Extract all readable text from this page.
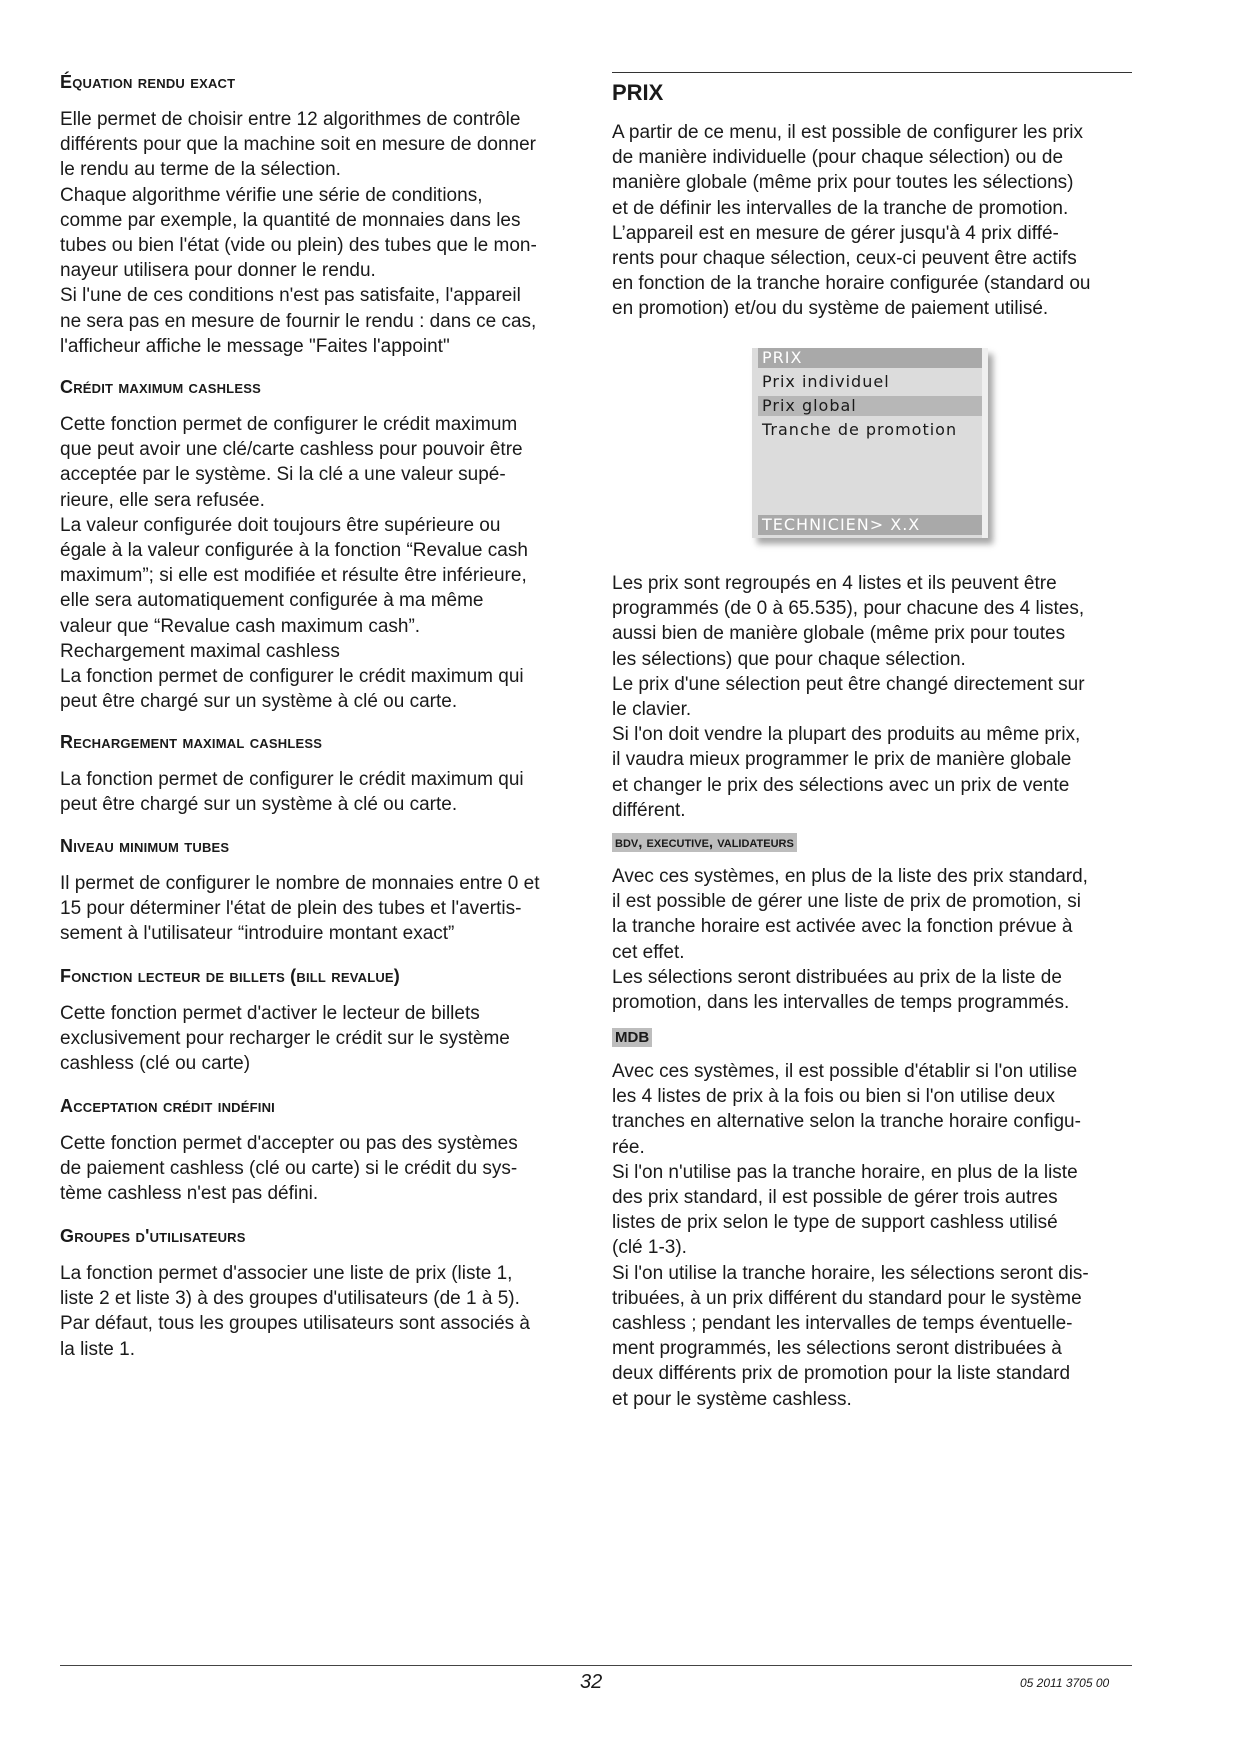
Équation rendu exact
Elle permet de choisir entre 12 algorithmes de contrôle
différents pour que la machine soit en mesure de donner
le rendu au terme de la sélection.
Chaque algorithme vérifie une série de conditions,
comme par exemple, la quantité de monnaies dans les
tubes ou bien l'état (vide ou plein) des tubes que le mon-
nayeur utilisera pour donner le rendu.
Si l'une de ces conditions n'est pas satisfaite, l'appareil
ne sera pas en mesure de fournir le rendu : dans ce cas,
l'afficheur affiche le message "Faites l'appoint"
Crédit maximum cashless
Cette fonction permet de configurer le crédit maximum
que peut avoir une clé/carte cashless pour pouvoir être
acceptée par le système. Si la clé a une valeur supé-
rieure, elle sera refusée.
La valeur configurée doit toujours être supérieure ou
égale à la valeur configurée à la fonction “Revalue cash
maximum”; si elle est modifiée et résulte être inférieure,
elle sera automatiquement configurée à ma même
valeur que “Revalue cash maximum cash”.
Rechargement maximal cashless
La fonction permet de configurer le crédit maximum qui
peut être chargé sur un système à clé ou carte.
Rechargement maximal cashless
La fonction permet de configurer le crédit maximum qui
peut être chargé sur un système à clé ou carte.
Niveau minimum tubes
Il permet de configurer le nombre de monnaies entre 0 et
15 pour déterminer l'état de plein des tubes et l'avertis-
sement à l'utilisateur “introduire montant exact”
Fonction lecteur de billets (bill revalue)
Cette fonction permet d'activer le lecteur de billets
exclusivement pour recharger le crédit sur le système
cashless (clé ou carte)
Acceptation crédit indéfini
Cette fonction permet d'accepter ou pas des systèmes
de paiement cashless (clé ou carte) si le crédit du sys-
tème cashless n'est pas défini.
Groupes d'utilisateurs
La fonction permet d'associer une liste de prix (liste 1,
liste 2 et liste 3) à des groupes d'utilisateurs (de 1 à 5).
Par défaut, tous les groupes utilisateurs sont associés à
la liste 1.
PRIX
A partir de ce menu, il est possible de configurer les prix
de manière individuelle (pour chaque sélection) ou de
manière globale (même prix pour toutes les sélections)
et de définir les intervalles de la tranche de promotion.
L’appareil est en mesure de gérer jusqu'à 4 prix diffé-
rents pour chaque sélection, ceux-ci peuvent être actifs
en fonction de la tranche horaire configurée (standard ou
en promotion) et/ou du système de paiement utilisé.
PRIX
Prix individuel
Prix global
Tranche de promotion
TECHNICIEN> X.X
Les prix sont regroupés en 4 listes et ils peuvent être
programmés (de 0 à 65.535), pour chacune des 4 listes,
aussi bien de manière globale (même prix pour toutes
les sélections) que pour chaque sélection.
Le prix d'une sélection peut être changé directement sur
le clavier.
Si l'on doit vendre la plupart des produits au même prix,
il vaudra mieux programmer le prix de manière globale
et changer le prix des sélections avec un prix de vente
différent.
bdv, executive, validateurs
Avec ces systèmes, en plus de la liste des prix standard,
il est possible de gérer une liste de prix de promotion, si
la tranche horaire est activée avec la fonction prévue à
cet effet.
Les sélections seront distribuées au prix de la liste de
promotion, dans les intervalles de temps programmés.
MDB
Avec ces systèmes, il est possible d'établir si l'on utilise
les 4 listes de prix à la fois ou bien si l'on utilise deux
tranches en alternative selon la tranche horaire configu-
rée.
Si l'on n'utilise pas la tranche horaire, en plus de la liste
des prix standard, il est possible de gérer trois autres
listes de prix selon le type de support cashless utilisé
(clé 1-3).
Si l'on utilise la tranche horaire, les sélections seront dis-
tribuées, à un prix différent du standard pour le système
cashless ; pendant les intervalles de temps éventuelle-
ment programmés, les sélections seront distribuées à
deux différents prix de promotion pour la liste standard
et pour le système cashless.
32	05 2011 3705 00
